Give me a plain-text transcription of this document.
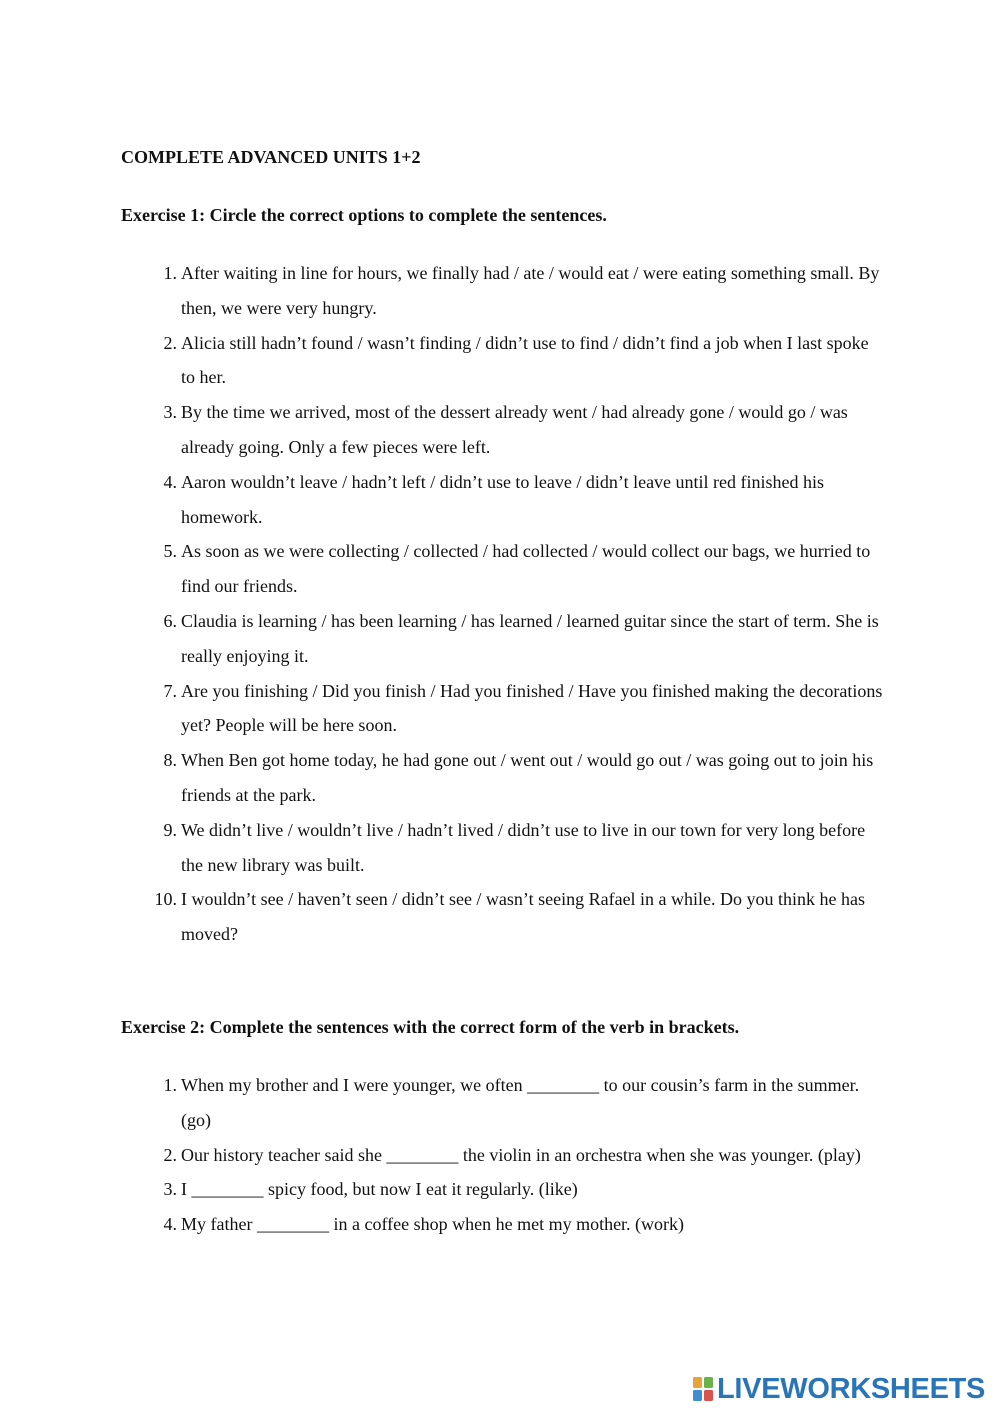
COMPLETE ADVANCED UNITS 1+2
Exercise 1: Circle the correct options to complete the sentences.
1. After waiting in line for hours, we finally had / ate / would eat / were eating something small. By then, we were very hungry.
2. Alicia still hadn’t found / wasn’t finding / didn’t use to find / didn’t find a job when I last spoke to her.
3. By the time we arrived, most of the dessert already went / had already gone / would go / was already going. Only a few pieces were left.
4. Aaron wouldn’t leave / hadn’t left / didn’t use to leave / didn’t leave until red finished his homework.
5. As soon as we were collecting / collected / had collected / would collect our bags, we hurried to find our friends.
6. Claudia is learning / has been learning / has learned / learned guitar since the start of term. She is really enjoying it.
7. Are you finishing / Did you finish / Had you finished / Have you finished making the decorations yet? People will be here soon.
8. When Ben got home today, he had gone out / went out / would go out / was going out to join his friends at the park.
9. We didn’t live / wouldn’t live / hadn’t lived / didn’t use to live in our town for very long before the new library was built.
10. I wouldn’t see / haven’t seen / didn’t see / wasn’t seeing Rafael in a while. Do you think he has moved?
Exercise 2: Complete the sentences with the correct form of the verb in brackets.
1. When my brother and I were younger, we often ________ to our cousin’s farm in the summer. (go)
2. Our history teacher said she ________ the violin in an orchestra when she was younger. (play)
3. I ________ spicy food, but now I eat it regularly. (like)
4. My father ________ in a coffee shop when he met my mother. (work)
LIVEWORKSHEETS
